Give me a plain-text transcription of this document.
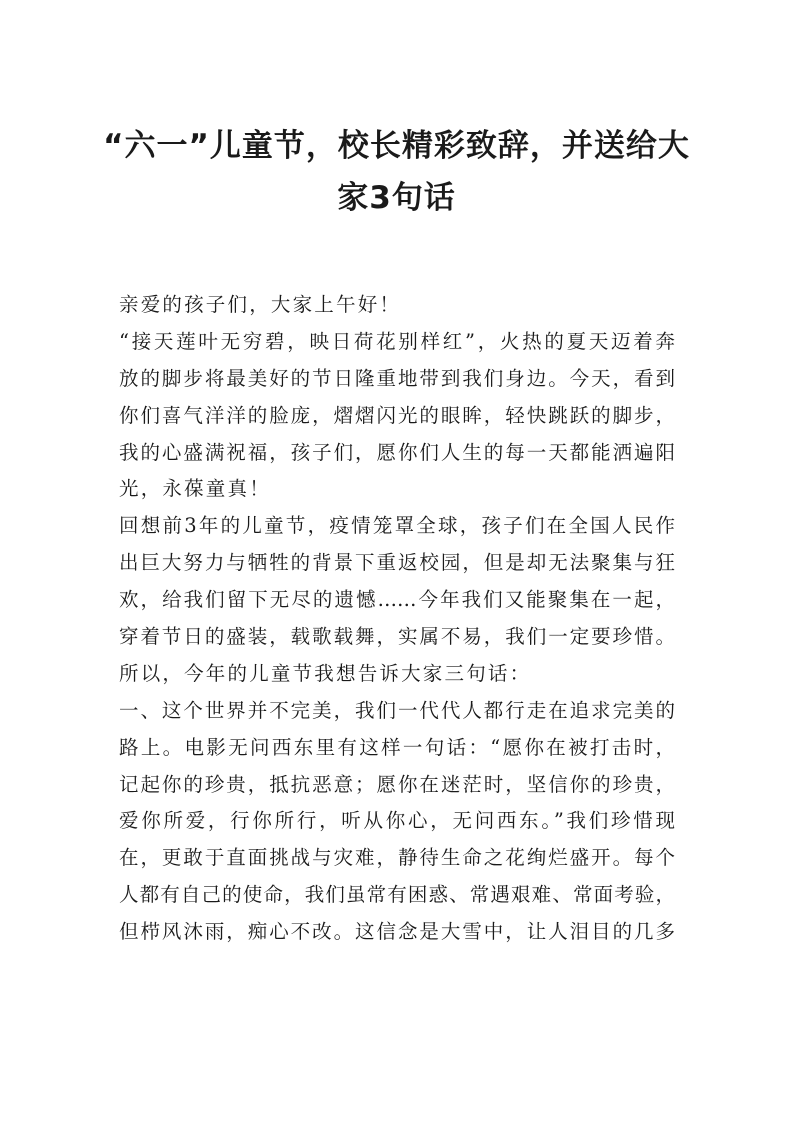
“六一”儿童节，校长精彩致辞，并送给大
家3句话
亲爱的孩子们，大家上午好！
“接天莲叶无穷碧，映日荷花别样红”，火热的夏天迈着奔
放的脚步将最美好的节日隆重地带到我们身边。今天，看到
你们喜气洋洋的脸庞，熠熠闪光的眼眸，轻快跳跃的脚步，
我的心盛满祝福，孩子们，愿你们人生的每一天都能洒遍阳
光，永葆童真！
回想前3年的儿童节，疫情笼罩全球，孩子们在全国人民作
出巨大努力与牺牲的背景下重返校园，但是却无法聚集与狂
欢，给我们留下无尽的遗憾……今年我们又能聚集在一起，
穿着节日的盛装，载歌载舞，实属不易，我们一定要珍惜。
所以，今年的儿童节我想告诉大家三句话：
一、这个世界并不完美，我们一代代人都行走在追求完美的
路上。电影无问西东里有这样一句话：“愿你在被打击时，
记起你的珍贵，抵抗恶意；愿你在迷茫时，坚信你的珍贵，
爱你所爱，行你所行，听从你心，无问西东。”我们珍惜现
在，更敢于直面挑战与灾难，静待生命之花绚烂盛开。每个
人都有自己的使命，我们虽常有困惑、常遇艰难、常面考验，
但栉风沐雨，痴心不改。这信念是大雪中，让人泪目的几多
